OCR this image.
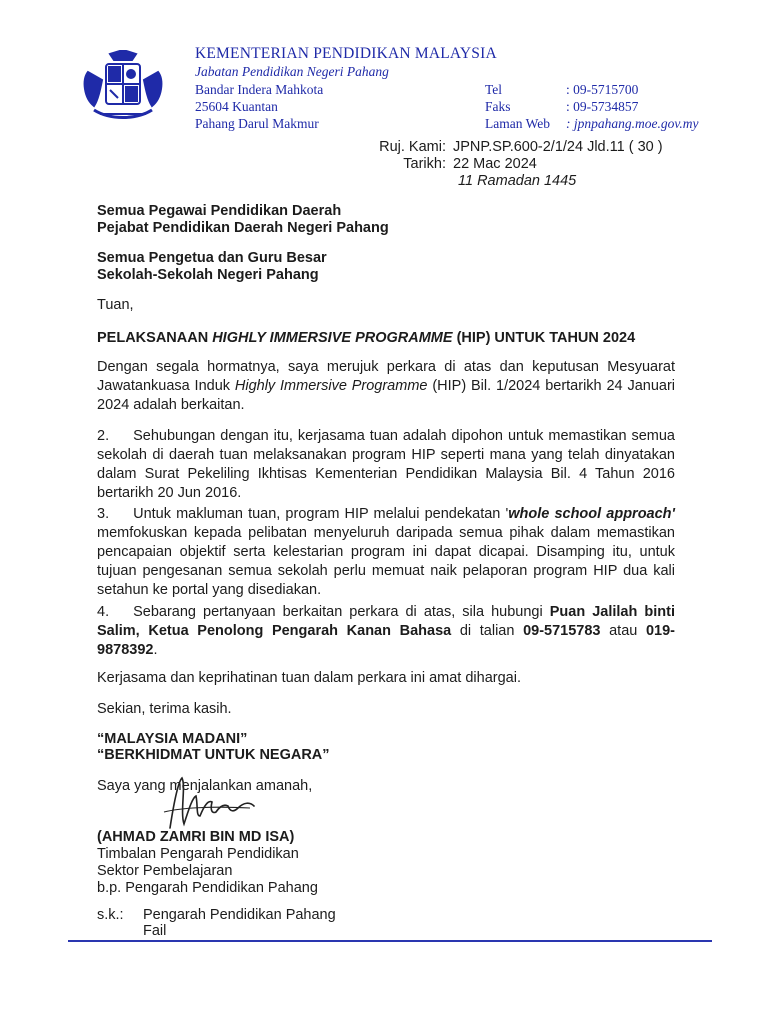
KEMENTERIAN PENDIDIKAN MALAYSIA
Jabatan Pendidikan Negeri Pahang
Bandar Indera Mahkota
25604 Kuantan
Pahang Darul Makmur
Tel	: 09-5715700
Faks	: 09-5734857
Laman Web : jpnpahang.moe.gov.my
Ruj. Kami: JPNP.SP.600-2/1/24 Jld.11 ( 30 )
Tarikh: 22 Mac 2024
11 Ramadan 1445
Semua Pegawai Pendidikan Daerah
Pejabat Pendidikan Daerah Negeri Pahang
Semua Pengetua dan Guru Besar
Sekolah-Sekolah Negeri Pahang
Tuan,
PELAKSANAAN HIGHLY IMMERSIVE PROGRAMME (HIP) UNTUK TAHUN 2024
Dengan segala hormatnya, saya merujuk perkara di atas dan keputusan Mesyuarat Jawatankuasa Induk Highly Immersive Programme (HIP) Bil. 1/2024 bertarikh 24 Januari 2024 adalah berkaitan.
2. Sehubungan dengan itu, kerjasama tuan adalah dipohon untuk memastikan semua sekolah di daerah tuan melaksanakan program HIP seperti mana yang telah dinyatakan dalam Surat Pekeliling Ikhtisas Kementerian Pendidikan Malaysia Bil. 4 Tahun 2016 bertarikh 20 Jun 2016.
3. Untuk makluman tuan, program HIP melalui pendekatan 'whole school approach' memfokuskan kepada pelibatan menyeluruh daripada semua pihak dalam memastikan pencapaian objektif serta kelestarian program ini dapat dicapai. Disamping itu, untuk tujuan pengesanan semua sekolah perlu memuat naik pelaporan program HIP dua kali setahun ke portal yang disediakan.
4. Sebarang pertanyaan berkaitan perkara di atas, sila hubungi Puan Jalilah binti Salim, Ketua Penolong Pengarah Kanan Bahasa di talian 09-5715783 atau 019-9878392.
Kerjasama dan keprihatinan tuan dalam perkara ini amat dihargai.
Sekian, terima kasih.
“MALAYSIA MADANI”
“BERKHIDMAT UNTUK NEGARA”
Saya yang menjalankan amanah,
(AHMAD ZAMRI BIN MD ISA)
Timbalan Pengarah Pendidikan
Sektor Pembelajaran
b.p. Pengarah Pendidikan Pahang
s.k.: Pengarah Pendidikan Pahang
Fail
